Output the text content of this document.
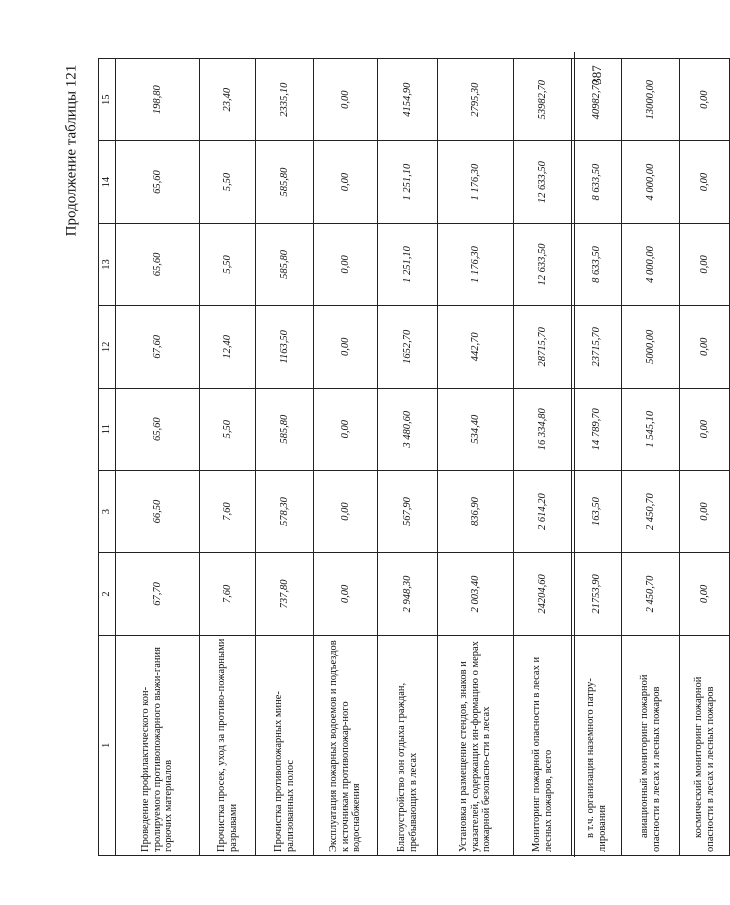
387
Продолжение таблицы 121
1	2	3	11	12	13	14	15
Проведение профилактического кон-тролируемого противопожарного выжи-гания горючих материалов	67,70	66,50	65,60	67,60	65,60	65,60	198,80
Прочистка просек, уход за противо-пожарными разрывами	7,60	7,60	5,50	12,40	5,50	5,50	23,40
Прочистка противопожарных мине-рализованных полос	737,80	578,30	585,80	1163,50	585,80	585,80	2335,10
Эксплуатация пожарных водоемов и подъездов к источникам противопожар-ного водоснабжения	0,00	0,00	0,00	0,00	0,00	0,00	0,00
Благоустройство зон отдыха граждан, пребывающих в лесах	2 948,30	567,90	3 480,60	1652,70	1 251,10	1 251,10	4154,90
Установка и размещение стендов, знаков и указателей, содержащих ин-формацию о мерах пожарной безопасно-сти в лесах	2 003,40	836,90	534,40	442,70	1 176,30	1 176,30	2795,30
Мониторинг пожарной опасности в лесах и лесных пожаров, всего	24204,60	2 614,20	16 334,80	28715,70	12 633,50	12 633,50	53982,70
в т.ч. организация наземного патру-лирования	21753,90	163,50	14 789,70	23715,70	8 633,50	8 633,50	40982,70
авиационный мониторинг пожарной опасности в лесах и лесных пожаров	2 450,70	2 450,70	1 545,10	5000,00	4 000,00	4 000,00	13000,00
космический мониторинг пожарной опасности в лесах и лесных пожаров	0,00	0,00	0,00	0,00	0,00	0,00	0,00
